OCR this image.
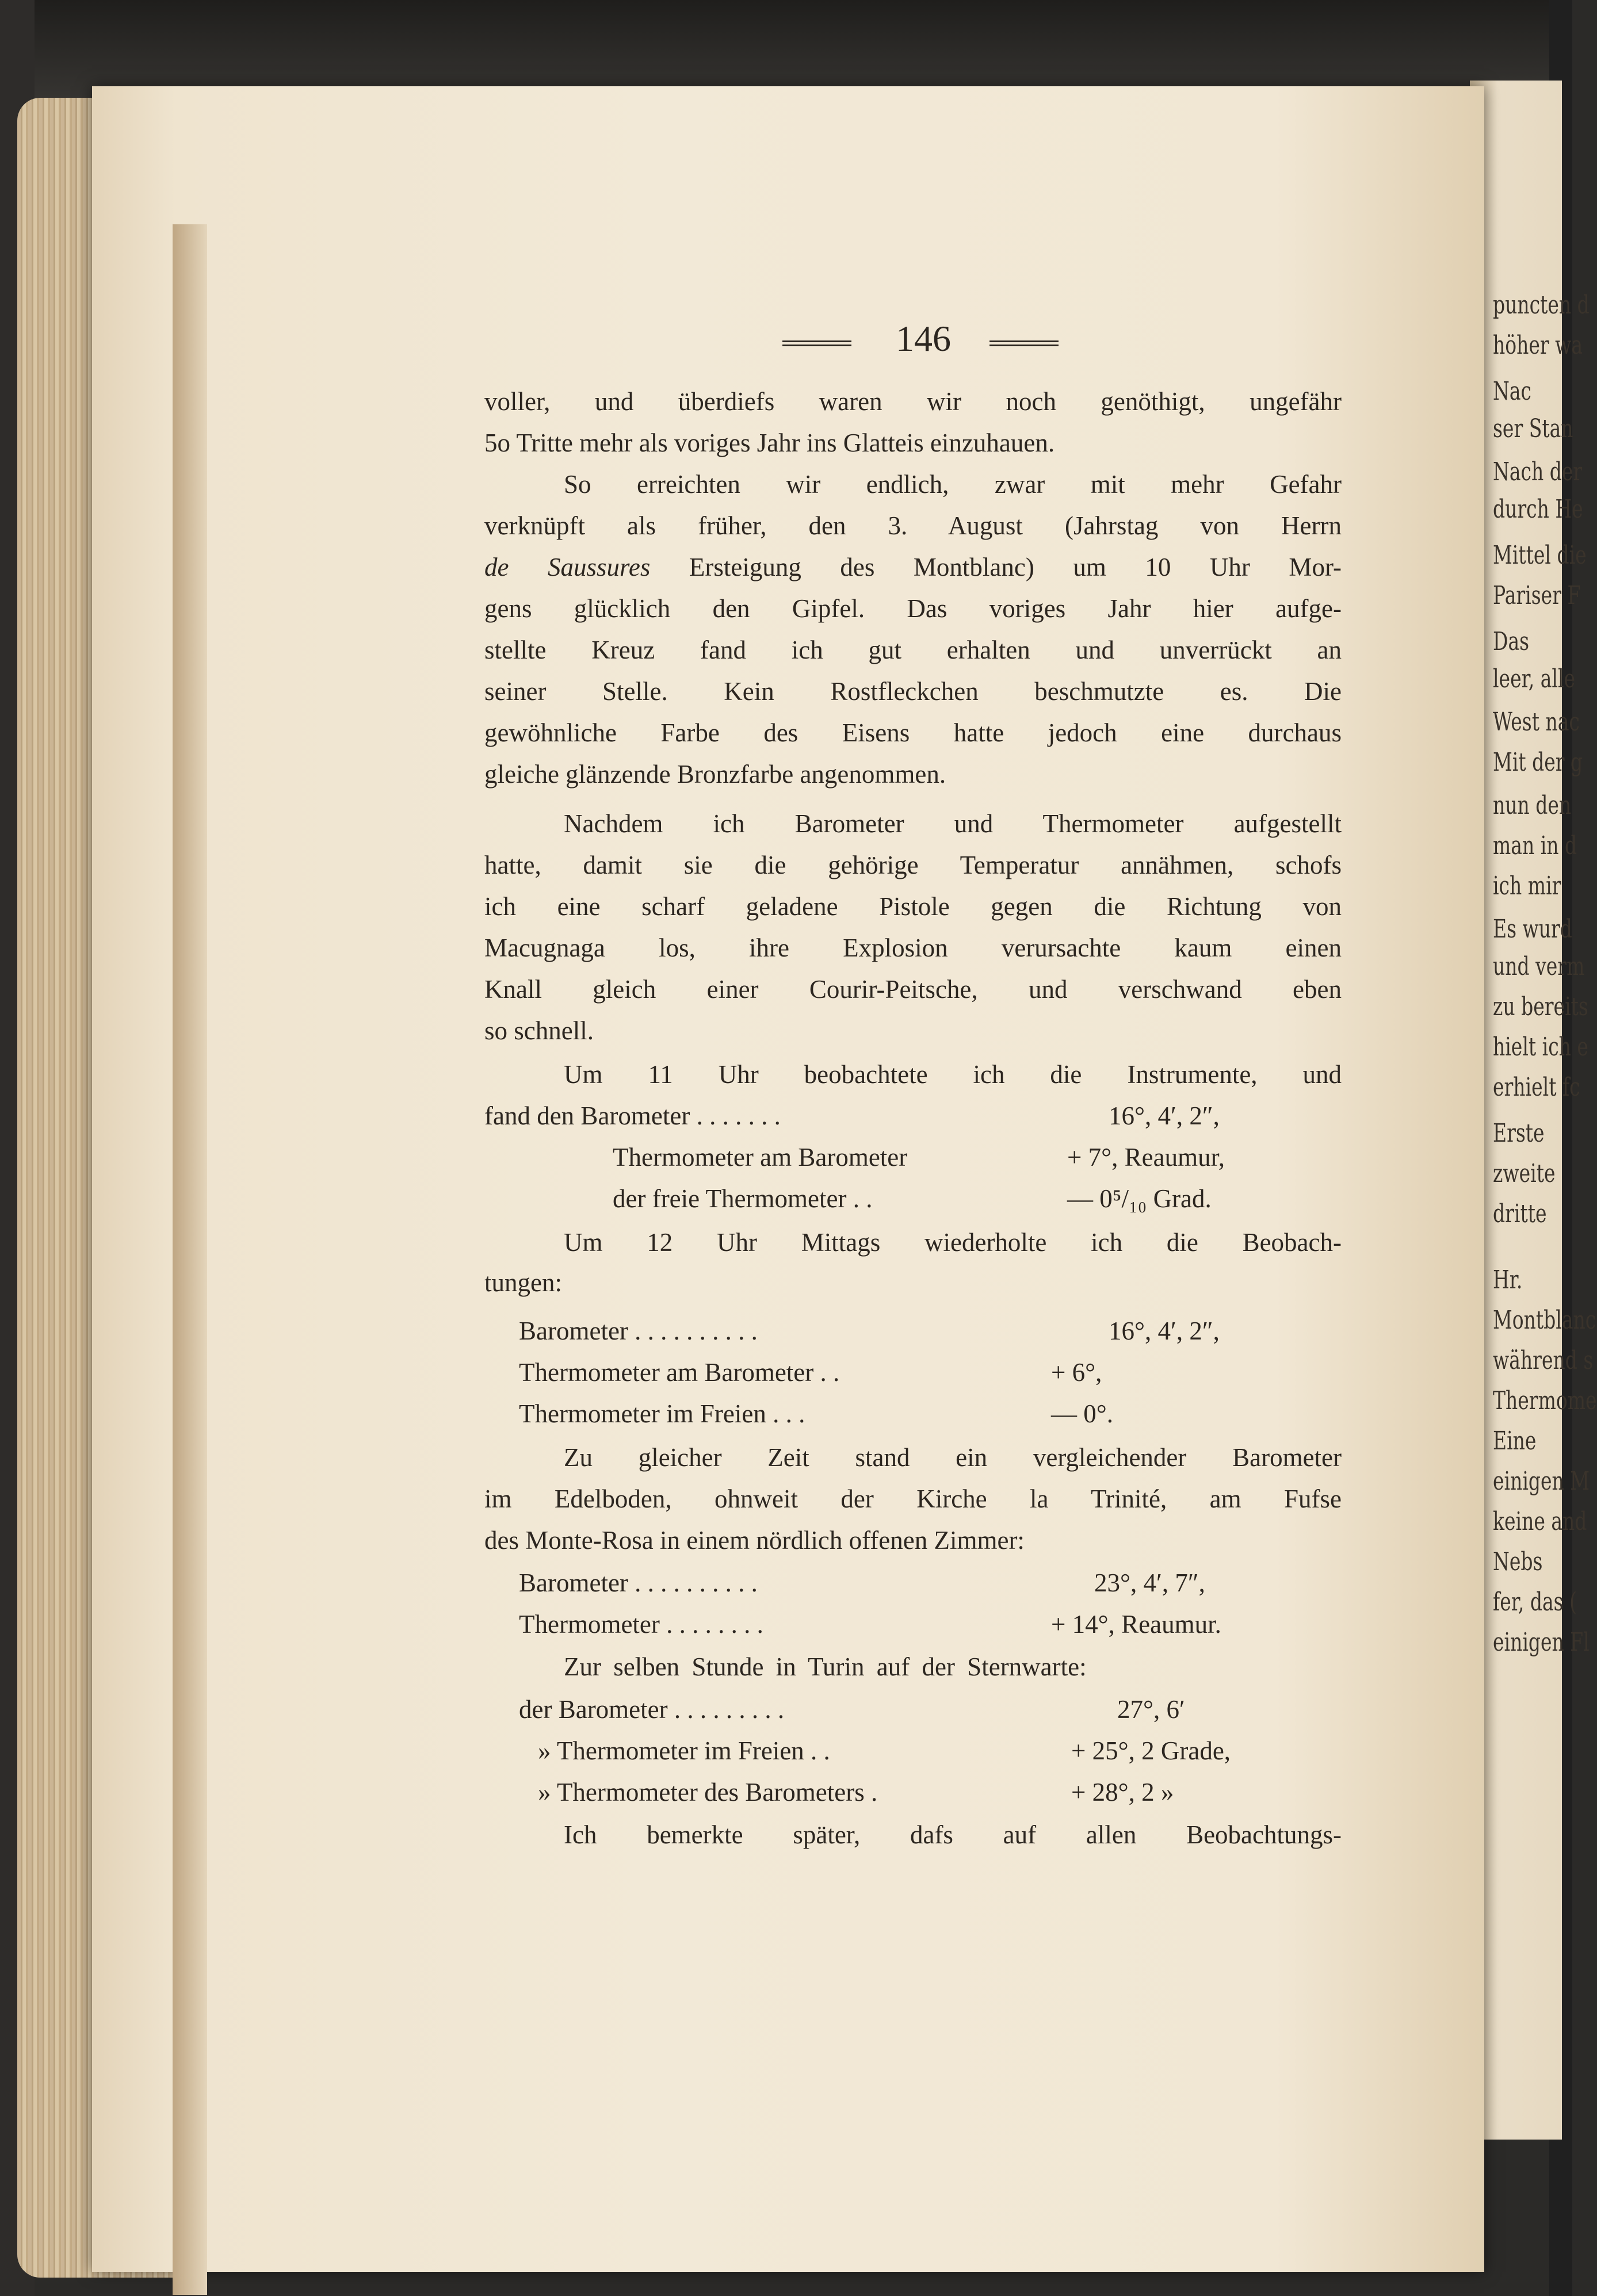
puncten d
höher wa
Nac
ser Stan
Nach der
durch He
Mittel die
Pariser F
Das
leer, alle
West nac
Mit der g
nun den
man in d
ich mir
Es wurd
und verm
zu bereits
hielt ich e
erhielt fc
Erste
zweite
dritte
Hr.
Montblanc
während s
Thermome
Eine
einigen M
keine and
Nebs
fer, das (
einigen Fl
146
voller, und überdiefs waren wir noch genöthigt, ungefähr
5o Tritte mehr als voriges Jahr ins Glatteis einzuhauen.
So erreichten wir endlich, zwar mit mehr Gefahr
verknüpft als früher, den 3. August (Jahrstag von Herrn
de Saussures Ersteigung des Montblanc) um 10 Uhr Mor-
gens glücklich den Gipfel. Das voriges Jahr hier aufge-
stellte Kreuz fand ich gut erhalten und unverrückt an
seiner Stelle. Kein Rostfleckchen beschmutzte es. Die
gewöhnliche Farbe des Eisens hatte jedoch eine durchaus
gleiche glänzende Bronzfarbe angenommen.
Nachdem ich Barometer und Thermometer aufgestellt
hatte, damit sie die gehörige Temperatur annähmen, schofs
ich eine scharf geladene Pistole gegen die Richtung von
Macugnaga los, ihre Explosion verursachte kaum einen
Knall gleich einer Courir-Peitsche, und verschwand eben
so schnell.
Um 11 Uhr beobachtete ich die Instrumente, und
fand den Barometer . . . . . . .	16°, 4′, 2″,
Thermometer am Barometer	+ 7°, Reaumur,
der freie Thermometer . .	— 0⁵/₁₀ Grad.
Um 12 Uhr Mittags wiederholte ich die Beobach-
tungen:
Barometer . . . . . . . . . .	16°, 4′, 2″,
Thermometer am Barometer . .	+ 6°,
Thermometer im Freien . . .	— 0°.
Zu gleicher Zeit stand ein vergleichender Barometer
im Edelboden, ohnweit der Kirche la Trinité, am Fufse
des Monte-Rosa in einem nördlich offenen Zimmer:
Barometer . . . . . . . . . .	23°, 4′, 7″,
Thermometer . . . . . . . .	+ 14°, Reaumur.
Zur selben Stunde in Turin auf der Sternwarte:
der Barometer . . . . . . . . .	27°, 6′
» Thermometer im Freien . .	+ 25°, 2 Grade,
» Thermometer des Barometers .	+ 28°, 2 »
Ich bemerkte später, dafs auf allen Beobachtungs-
